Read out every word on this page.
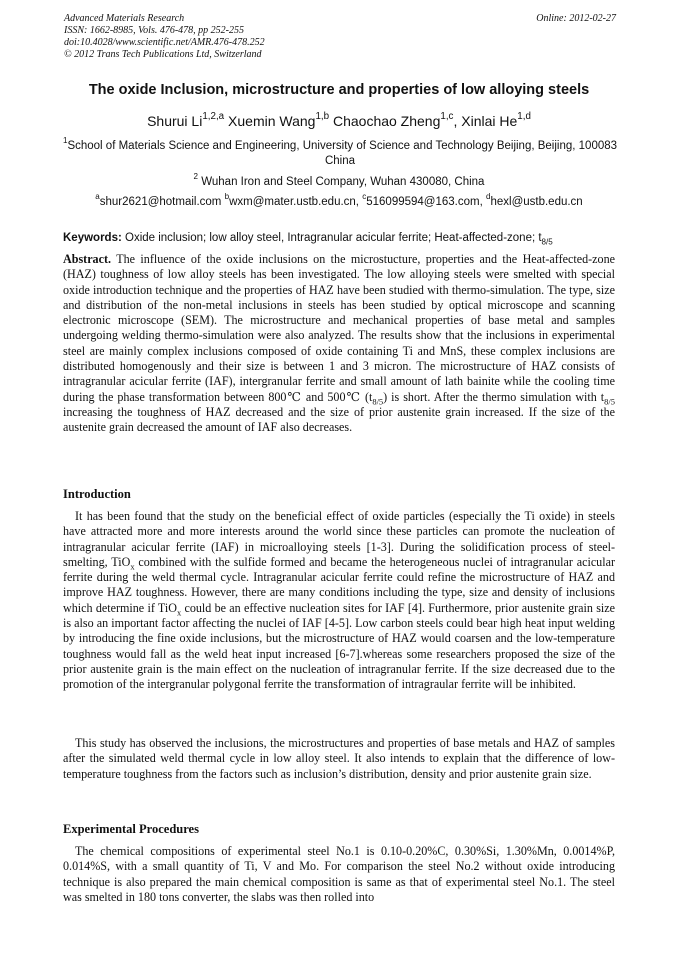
Advanced Materials Research
ISSN: 1662-8985, Vols. 476-478, pp 252-255
doi:10.4028/www.scientific.net/AMR.476-478.252
© 2012 Trans Tech Publications Ltd, Switzerland
Online: 2012-02-27
The oxide Inclusion, microstructure and properties of low alloying steels
Shurui Li$^{1,2,a}$ Xuemin Wang$^{1,b}$ Chaochao Zheng$^{1,c}$, Xinlai He$^{1,d}$
$^1$School of Materials Science and Engineering, University of Science and Technology Beijing, Beijing, 100083 China
$^2$ Wuhan Iron and Steel Company, Wuhan 430080, China
$^a$shur2621@hotmail.com $^b$wxm@mater.ustb.edu.cn, $^c$516099594@163.com, $^d$hexl@ustb.edu.cn
Keywords: Oxide inclusion; low alloy steel, Intragranular acicular ferrite; Heat-affected-zone; $t_{8/5}$

Abstract. The influence of the oxide inclusions on the microstucture, properties and the Heat-affected-zone (HAZ) toughness of low alloy steels has been investigated. The low alloying steels were smelted with special oxide introduction technique and the properties of HAZ have been studied with thermo-simulation. The type, size and distribution of the non-metal inclusions in steels has been studied by optical microscope and scanning electronic microscope (SEM). The microstructure and mechanical properties of base metal and samples undergoing welding thermo-simulation were also analyzed. The results show that the inclusions in experimental steel are mainly complex inclusions composed of oxide containing Ti and MnS, these complex inclusions are distributed homogenously and their size is between 1 and 3 micron. The microstructure of HAZ consists of intragranular acicular ferrite (IAF), intergranular ferrite and small amount of lath bainite while the cooling time during the phase transformation between 800℃ and 500℃ $(t_{8/5})$ is short. After the thermo simulation with $t_{8/5}$ increasing the toughness of HAZ decreased and the size of prior austenite grain increased. If the size of the austenite grain decreased the amount of IAF also decreases.

Introduction

It has been found that the study on the beneficial effect of oxide particles (especially the Ti oxide) in steels have attracted more and more interests around the world since these particles can promote the nucleation of intragranular acicular ferrite (IAF) in microalloying steels [1-3]. During the solidification process of steel-smelting, TiO$_x$ combined with the sulfide formed and became the heterogeneous nuclei of intragranular acicular ferrite during the weld thermal cycle. Intragranular acicular ferrite could refine the microstructure of HAZ and improve HAZ toughness. However, there are many conditions including the type, size and density of inclusions which determine if TiO$_x$ could be an effective nucleation sites for IAF [4]. Furthermore, prior austenite grain size is also an important factor affecting the nuclei of IAF [4-5]. Low carbon steels could bear high heat input welding by introducing the fine oxide inclusions, but the microstructure of HAZ would coarsen and the low-temperature toughness would fall as the weld heat input increased [6-7].whereas some researchers proposed the size of the prior austenite grain is the main effect on the nucleation of intragranular ferrite. If the size decreased due to the promotion of the intergranular polygonal ferrite the transformation of intragraular ferrite will be inhibited.

This study has observed the inclusions, the microstructures and properties of base metals and HAZ of samples after the simulated weld thermal cycle in low alloy steel. It also intends to explain that the difference of low-temperature toughness from the factors such as inclusion’s distribution, density and prior austenite grain size.

Experimental Procedures

The chemical compositions of experimental steel No.1 is 0.10-0.20%C, 0.30%Si, 1.30%Mn, 0.0014%P, 0.014%S, with a small quantity of Ti, V and Mo. For comparison the steel No.2 without oxide introducing technique is also prepared the main chemical composition is same as that of experimental steel No.1. The steel was smelted in 180 tons converter, the slabs was then rolled into
